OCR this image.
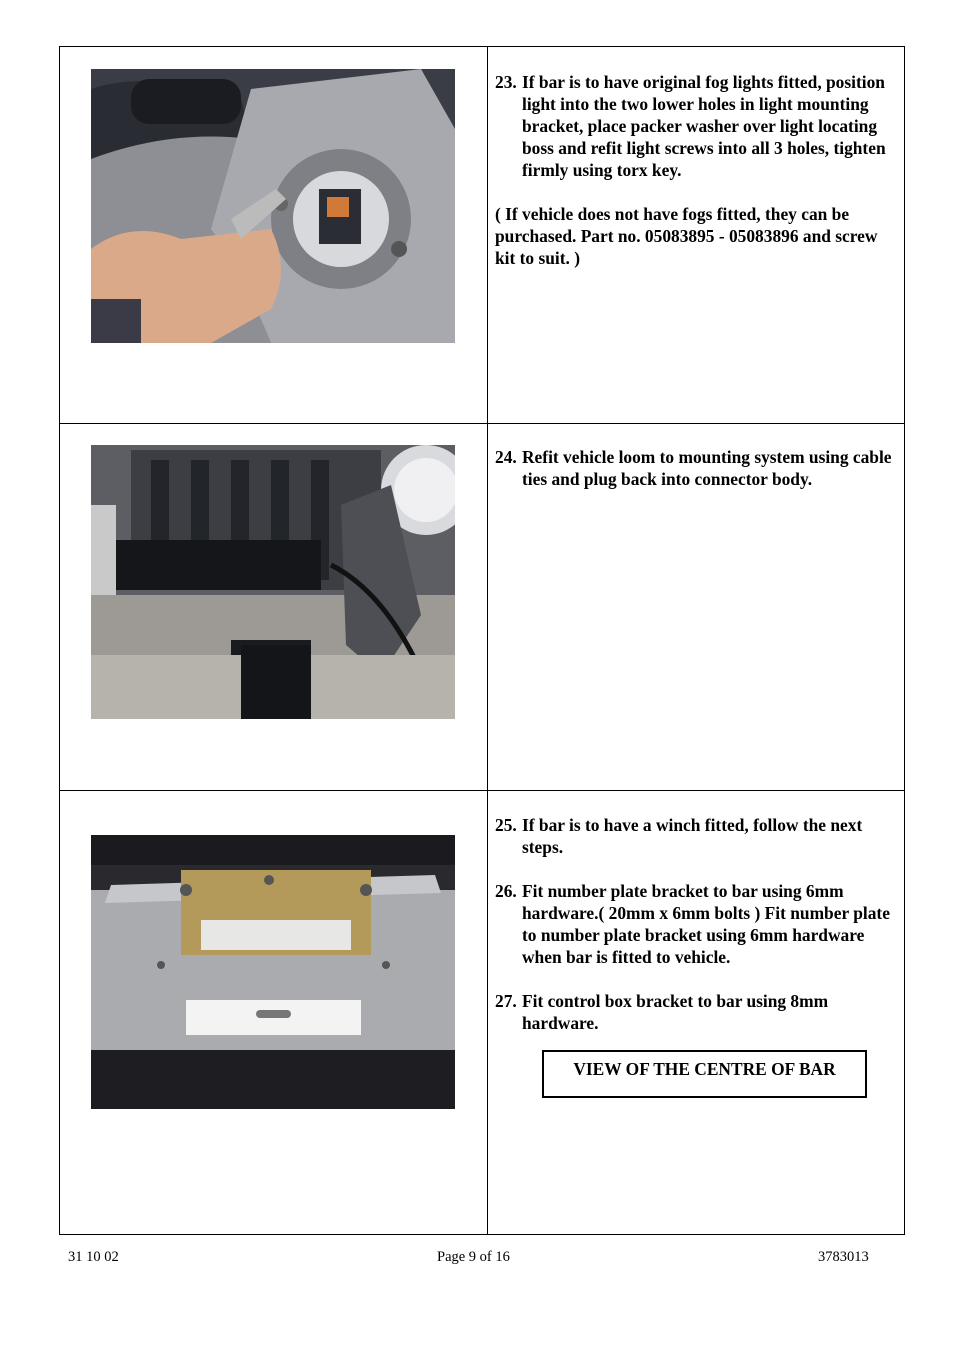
23. If bar is to have original fog lights fitted, position light into the two lower holes in light mounting bracket, place packer washer over light locating boss and refit light screws into all 3 holes, tighten firmly using torx key.

( If vehicle does not have fogs fitted, they can be purchased. Part no. 05083895 - 05083896 and screw kit to suit. )

24. Refit vehicle loom to mounting system using cable ties and plug back into connector body.
25. If bar is to have a winch fitted, follow the next steps.
26. Fit number plate bracket to bar using 6mm hardware.( 20mm x 6mm bolts ) Fit number plate to number plate bracket using 6mm hardware when bar is fitted to vehicle.
27. Fit control box bracket to bar using 8mm hardware.
VIEW OF THE CENTRE OF BAR
31 10 02	Page 9 of 16	3783013
